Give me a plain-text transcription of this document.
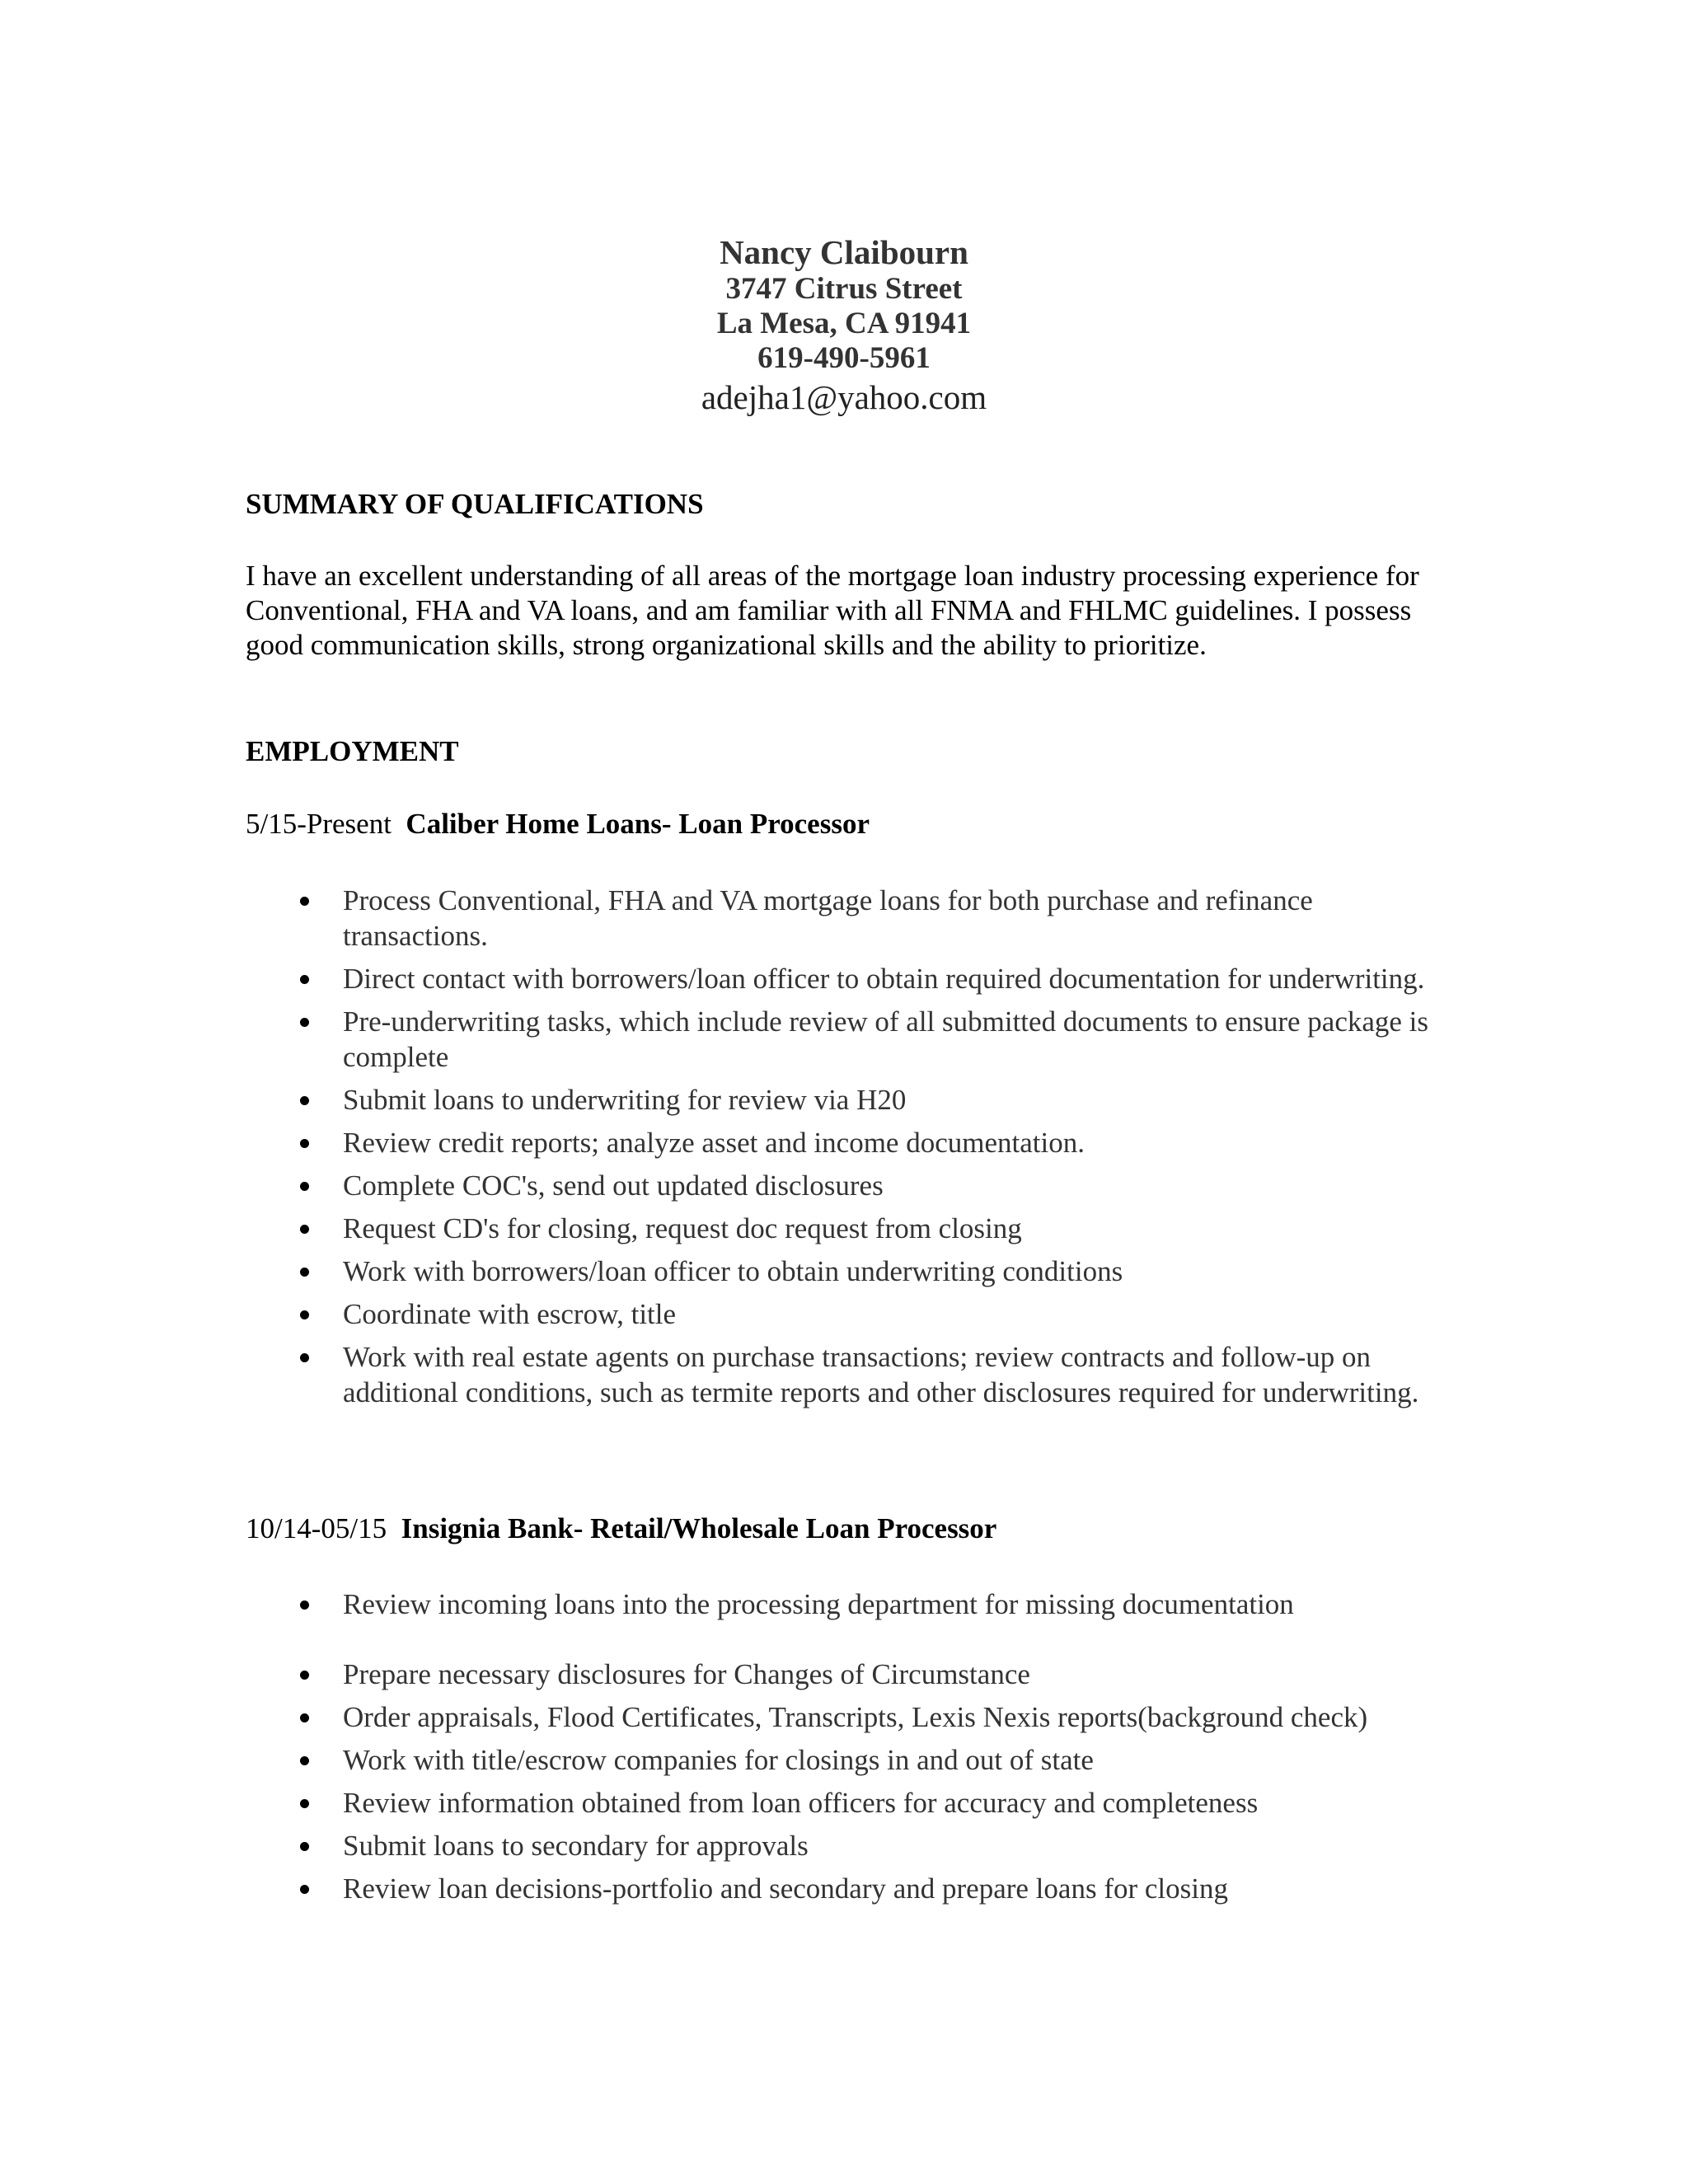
Nancy Claibourn
3747 Citrus Street
La Mesa, CA 91941
619-490-5961
adejha1@yahoo.com
SUMMARY OF QUALIFICATIONS

I have an excellent understanding of all areas of the mortgage loan industry processing experience for Conventional, FHA and VA loans, and am familiar with all FNMA and FHLMC guidelines. I possess good communication skills, strong organizational skills and the ability to prioritize.

EMPLOYMENT

5/15-Present Caliber Home Loans- Loan Processor

Process Conventional, FHA and VA mortgage loans for both purchase and refinance transactions.
Direct contact with borrowers/loan officer to obtain required documentation for underwriting.
Pre-underwriting tasks, which include review of all submitted documents to ensure package is complete
Submit loans to underwriting for review via H20
Review credit reports; analyze asset and income documentation.
Complete COC's, send out updated disclosures
Request CD's for closing, request doc request from closing
Work with borrowers/loan officer to obtain underwriting conditions
Coordinate with escrow, title
Work with real estate agents on purchase transactions; review contracts and follow-up on additional conditions, such as termite reports and other disclosures required for underwriting.

10/14-05/15 Insignia Bank- Retail/Wholesale Loan Processor

Review incoming loans into the processing department for missing documentation
Prepare necessary disclosures for Changes of Circumstance
Order appraisals, Flood Certificates, Transcripts, Lexis Nexis reports(background check)
Work with title/escrow companies for closings in and out of state
Review information obtained from loan officers for accuracy and completeness
Submit loans to secondary for approvals
Review loan decisions-portfolio and secondary and prepare loans for closing
